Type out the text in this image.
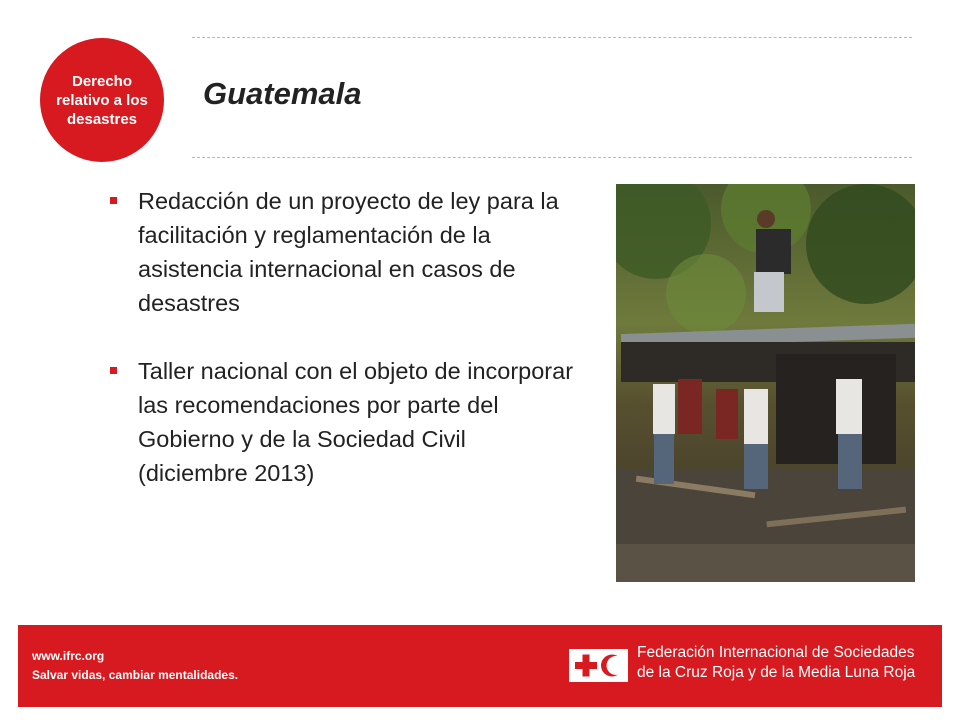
Derecho
relativo a los
desastres
Guatemala
Redacción de un proyecto de ley para la facilitación y reglamentación de la asistencia internacional en casos de desastres
Taller nacional con el objeto de incorporar las recomendaciones por parte del Gobierno y de la Sociedad Civil (diciembre 2013)
www.ifrc.org
Salvar vidas, cambiar mentalidades.
Federación Internacional de Sociedades
de la Cruz Roja y de la Media Luna Roja
